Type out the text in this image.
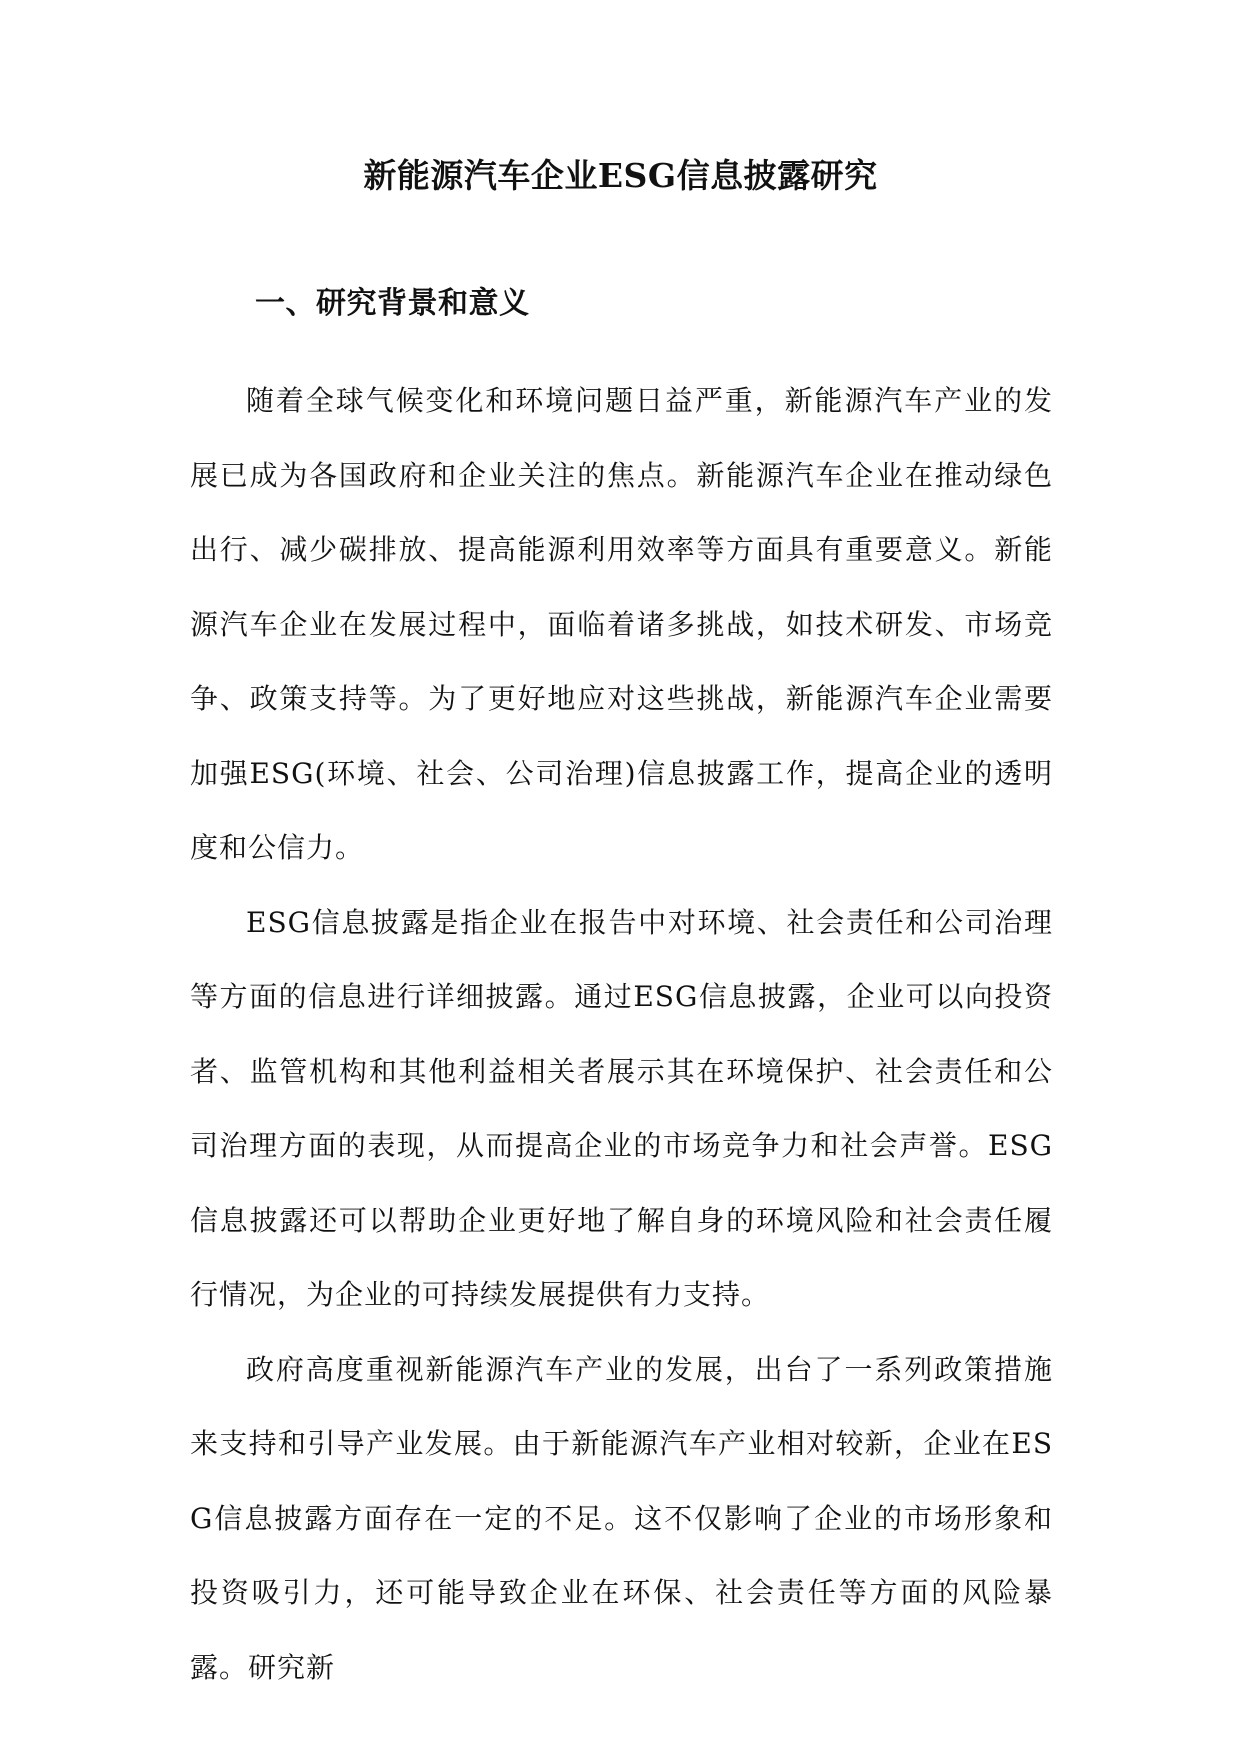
新能源汽车企业ESG信息披露研究
一、研究背景和意义

随着全球气候变化和环境问题日益严重，新能源汽车产业的发展已成为各国政府和企业关注的焦点。新能源汽车企业在推动绿色出行、减少碳排放、提高能源利用效率等方面具有重要意义。新能源汽车企业在发展过程中，面临着诸多挑战，如技术研发、市场竞争、政策支持等。为了更好地应对这些挑战，新能源汽车企业需要加强ESG(环境、社会、公司治理)信息披露工作，提高企业的透明度和公信力。

ESG信息披露是指企业在报告中对环境、社会责任和公司治理等方面的信息进行详细披露。通过ESG信息披露，企业可以向投资者、监管机构和其他利益相关者展示其在环境保护、社会责任和公司治理方面的表现，从而提高企业的市场竞争力和社会声誉。ESG信息披露还可以帮助企业更好地了解自身的环境风险和社会责任履行情况，为企业的可持续发展提供有力支持。

政府高度重视新能源汽车产业的发展，出台了一系列政策措施来支持和引导产业发展。由于新能源汽车产业相对较新，企业在ESG信息披露方面存在一定的不足。这不仅影响了企业的市场形象和投资吸引力，还可能导致企业在环保、社会责任等方面的风险暴露。研究新
